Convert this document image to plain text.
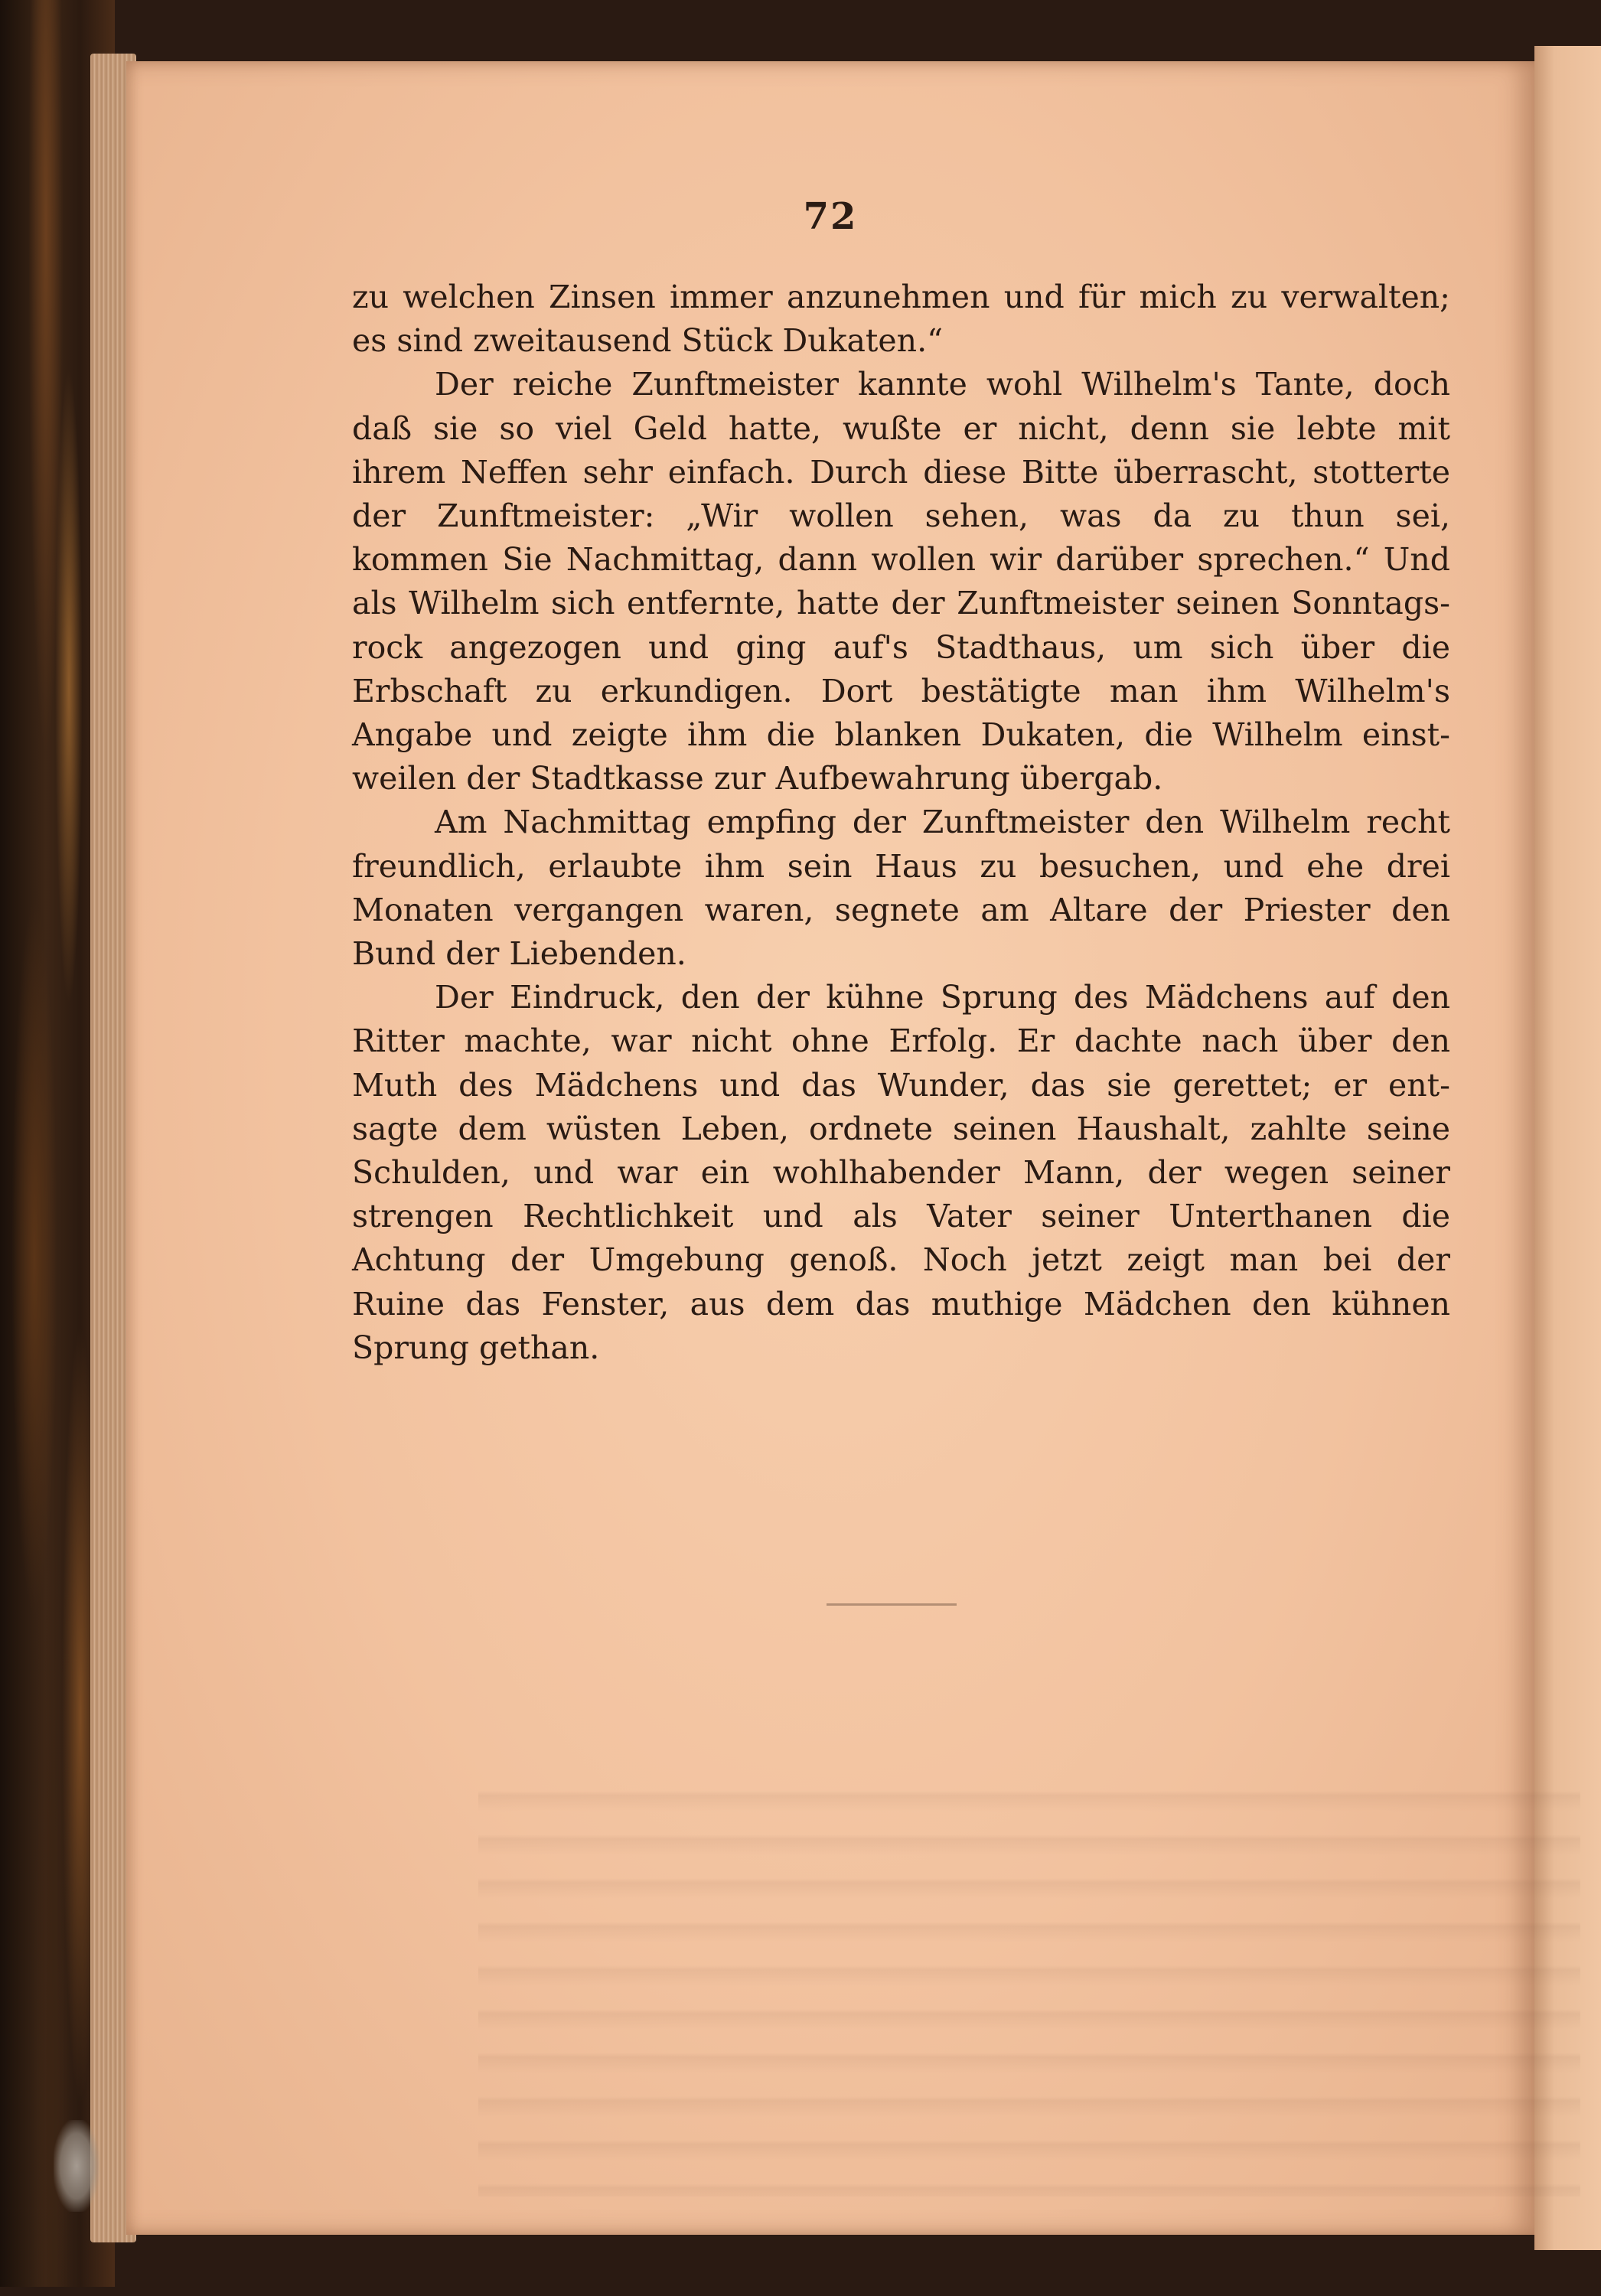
72

zu welchen Zinsen immer anzunehmen und für mich zu verwalten;
es sind zweitausend Stück Dukaten.“

Der reiche Zunftmeister kannte wohl Wilhelm's Tante, doch
daß sie so viel Geld hatte, wußte er nicht, denn sie lebte mit
ihrem Neffen sehr einfach. Durch diese Bitte überrascht, stotterte
der Zunftmeister: „Wir wollen sehen, was da zu thun sei,
kommen Sie Nachmittag, dann wollen wir darüber sprechen.“ Und
als Wilhelm sich entfernte, hatte der Zunftmeister seinen Sonntags-
rock angezogen und ging auf's Stadthaus, um sich über die
Erbschaft zu erkundigen. Dort bestätigte man ihm Wilhelm's
Angabe und zeigte ihm die blanken Dukaten, die Wilhelm einst-
weilen der Stadtkasse zur Aufbewahrung übergab.

Am Nachmittag empfing der Zunftmeister den Wilhelm recht
freundlich, erlaubte ihm sein Haus zu besuchen, und ehe drei
Monaten vergangen waren, segnete am Altare der Priester den
Bund der Liebenden.

Der Eindruck, den der kühne Sprung des Mädchens auf den
Ritter machte, war nicht ohne Erfolg. Er dachte nach über den
Muth des Mädchens und das Wunder, das sie gerettet; er ent-
sagte dem wüsten Leben, ordnete seinen Haushalt, zahlte seine
Schulden, und war ein wohlhabender Mann, der wegen seiner
strengen Rechtlichkeit und als Vater seiner Unterthanen die
Achtung der Umgebung genoß. Noch jetzt zeigt man bei der
Ruine das Fenster, aus dem das muthige Mädchen den kühnen
Sprung gethan.
